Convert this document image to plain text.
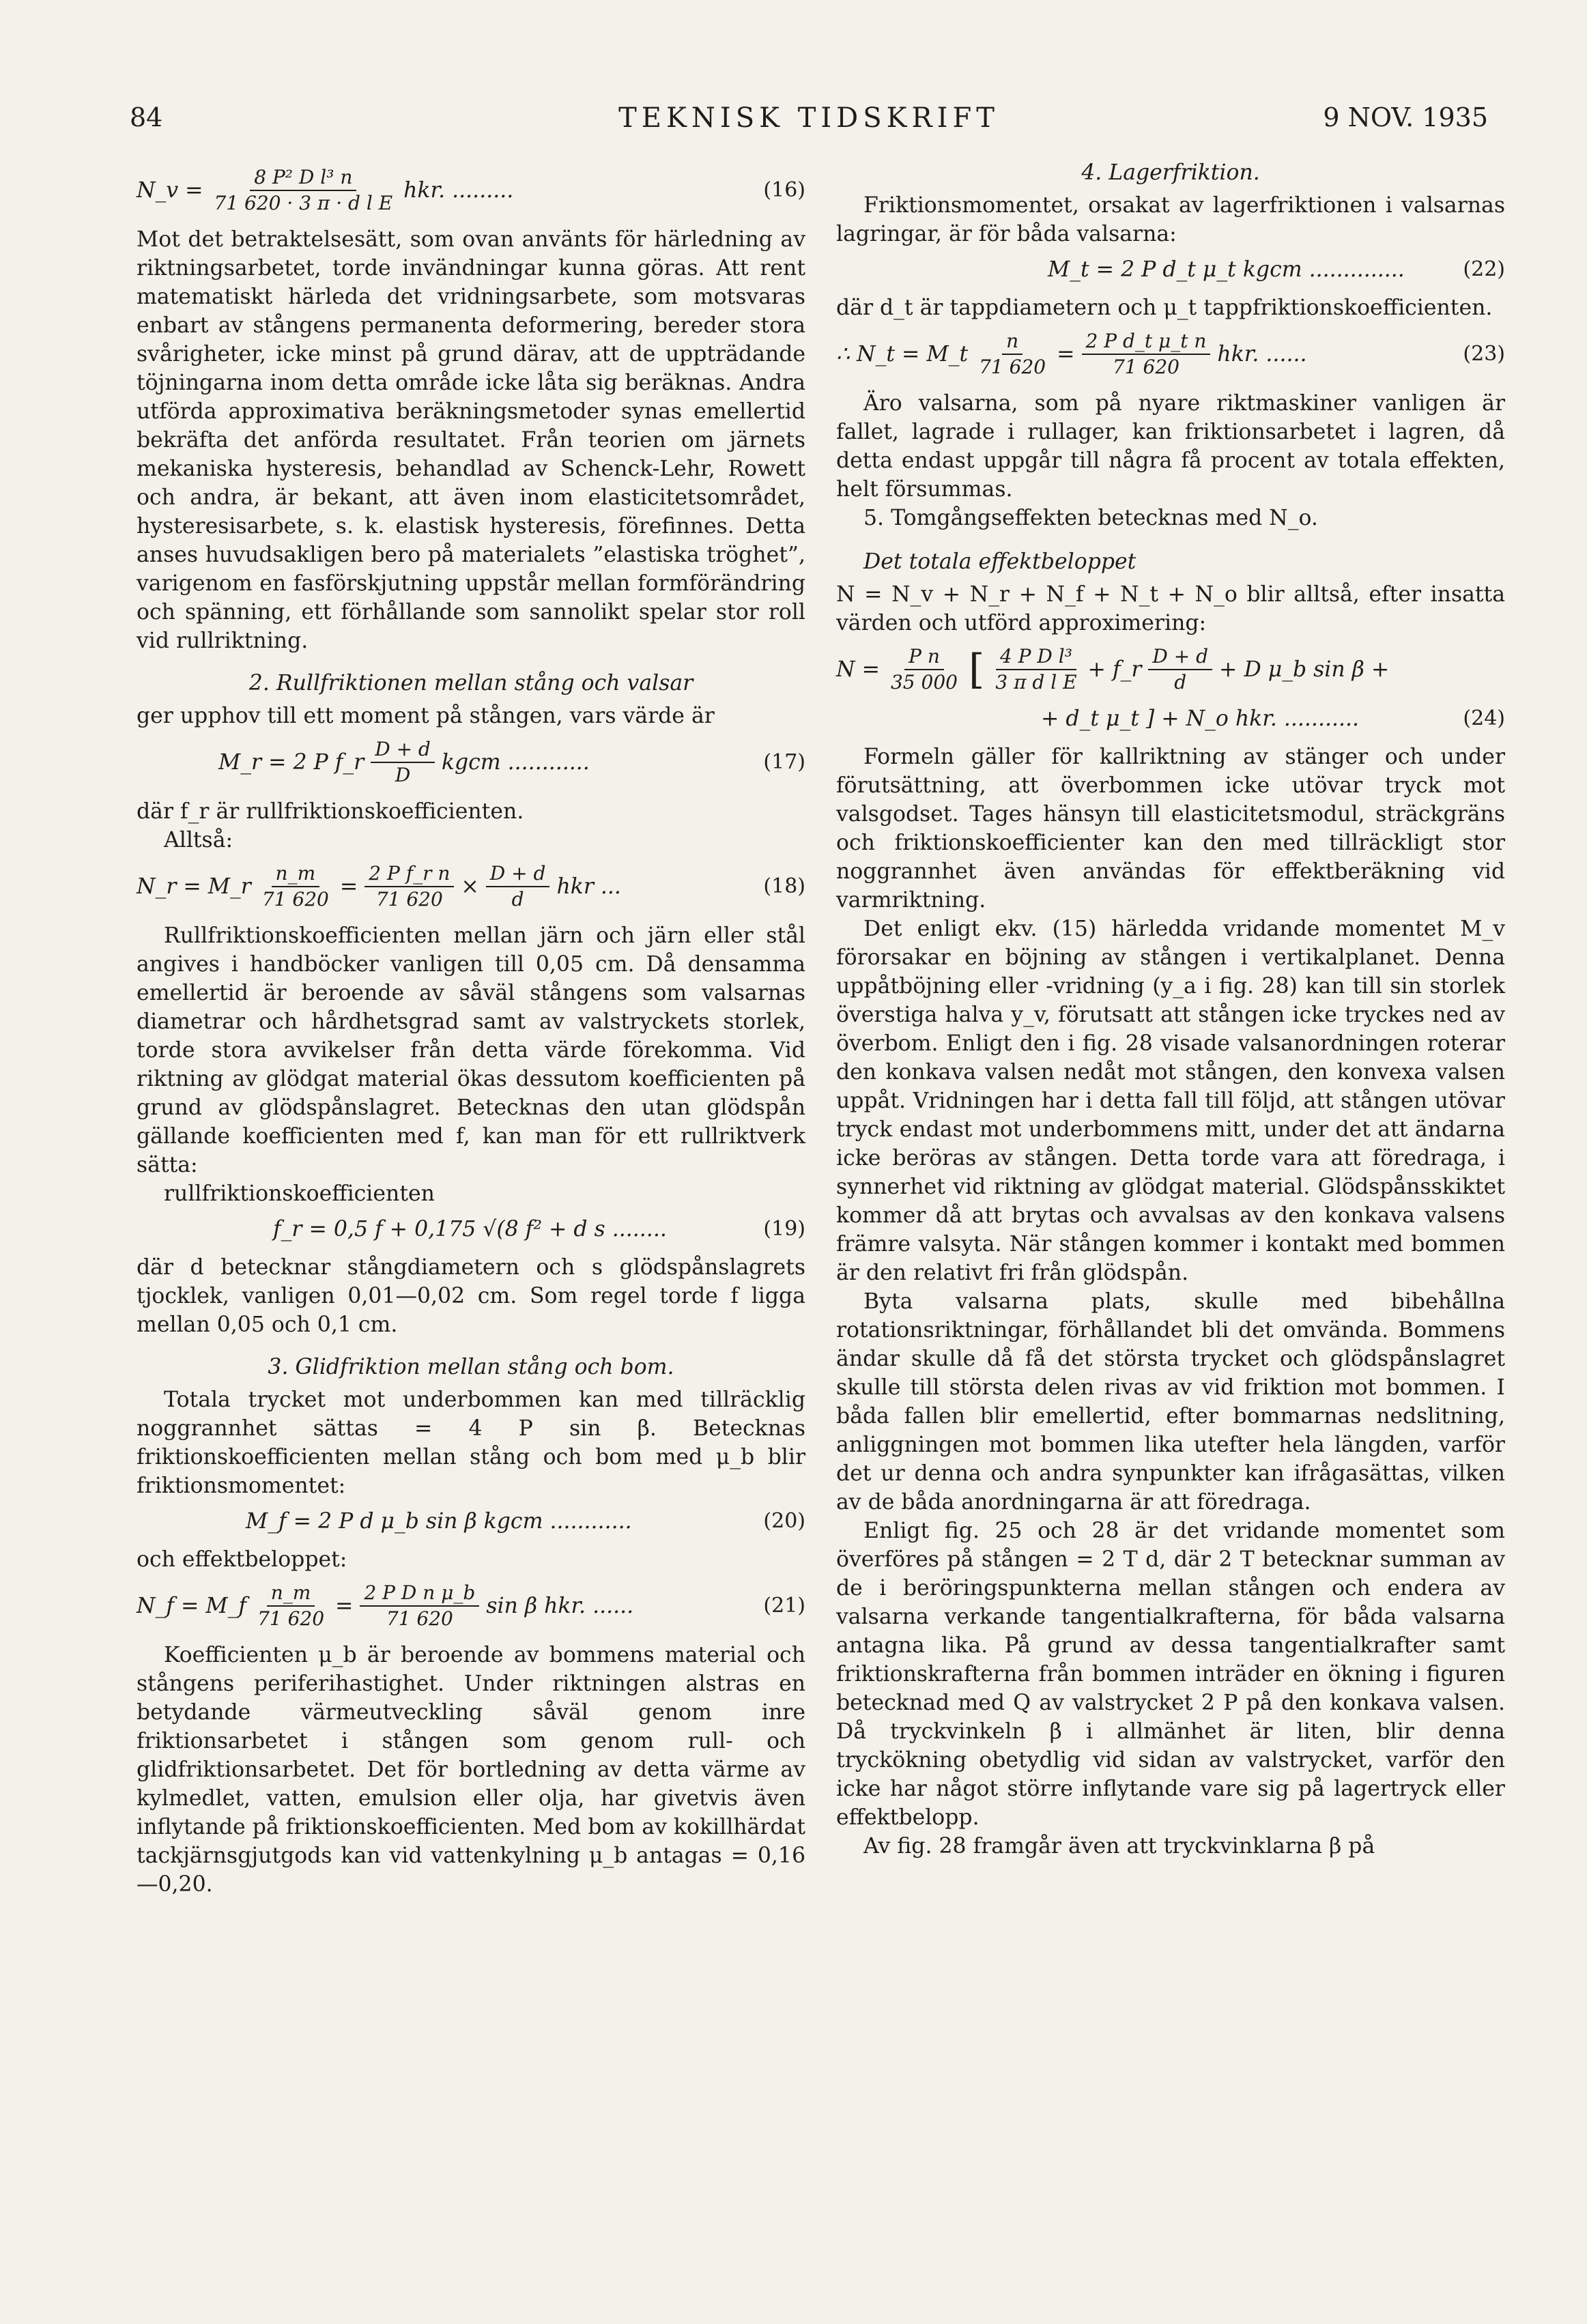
84	TEKNISK TIDSKRIFT	9 NOV. 1935
N_v = $\frac{\text{8 P² D l³ n}}{\text{71 620 · 3 π · d l E}}$ hkr. .........	(16)

Mot det betraktelsesätt, som ovan använts för härledning av riktningsarbetet, torde invändningar kunna göras. Att rent matematiskt härleda det vridningsarbete, som motsvaras enbart av stångens permanenta deformering, bereder stora svårigheter, icke minst på grund därav, att de uppträdande töjningarna inom detta område icke låta sig beräknas. Andra utförda approximativa beräkningsmetoder synas emellertid bekräfta det anförda resultatet. Från teorien om järnets mekaniska hysteresis, behandlad av Schenck-Lehr, Rowett och andra, är bekant, att även inom elasticitetsområdet, hysteresisarbete, s. k. elastisk hysteresis, förefinnes. Detta anses huvudsakligen bero på materialets ”elastiska tröghet”, varigenom en fasförskjutning uppstår mellan formförändring och spänning, ett förhållande som sannolikt spelar stor roll vid rullriktning.

2. Rullfriktionen mellan stång och valsar

ger upphov till ett moment på stången, vars värde är

M_r = 2 P f_r $\frac{D + d}{D}$ kgcm ............	(17)

där f_r är rullfriktionskoefficienten.

Alltså:

N_r = M_r $\frac{n\_m}{71 620} = \frac{\text{2 P f\_r n}}{71 620} \times \frac{D + d}{d}$ hkr ...	(18)

Rullfriktionskoefficienten mellan järn och järn eller stål angives i handböcker vanligen till 0,05 cm. Då densamma emellertid är beroende av såväl stångens som valsarnas diametrar och hårdhetsgrad samt av valstryckets storlek, torde stora avvikelser från detta värde förekomma. Vid riktning av glödgat material ökas dessutom koefficienten på grund av glödspånslagret. Betecknas den utan glödspån gällande koefficienten med f, kan man för ett rullriktverk sätta:

rullfriktionskoefficienten

f_r = 0,5 f + 0,175 √(8 f² + d s ........	(19)

där d betecknar stångdiametern och s glödspånslagrets tjocklek, vanligen 0,01—0,02 cm. Som regel torde f ligga mellan 0,05 och 0,1 cm.

3. Glidfriktion mellan stång och bom.

Totala trycket mot underbommen kan med tillräcklig noggrannhet sättas = 4 P sin β. Betecknas friktionskoefficienten mellan stång och bom med μ_b blir friktionsmomentet:

M_f = 2 P d μ_b sin β kgcm ............	(20)

och effektbeloppet:

N_f = M_f $\frac{n\_m}{71 620} = \frac{\text{2 P D n μ\_b}}{71 620}$ sin β hkr. ......	(21)

Koefficienten μ_b är beroende av bommens material och stångens periferihastighet. Under riktningen alstras en betydande värmeutveckling såväl genom inre friktionsarbetet i stången som genom rull- och glidfriktionsarbetet. Det för bortledning av detta värme av kylmedlet, vatten, emulsion eller olja, har givetvis även inflytande på friktionskoefficienten. Med bom av kokillhärdat tackjärnsgjutgods kan vid vattenkylning μ_b antagas = 0,16—0,20.

4. Lagerfriktion.

Friktionsmomentet, orsakat av lagerfriktionen i valsarnas lagringar, är för båda valsarna:

M_t = 2 P d_t μ_t kgcm ..............	(22)

där d_t är tappdiametern och μ_t tappfriktionskoefficienten.

∴ N_t = M_t $\frac{n}{71 620} = \frac{\text{2 P d\_t μ\_t n}}{71 620}$ hkr. ......	(23)

Äro valsarna, som på nyare riktmaskiner vanligen är fallet, lagrade i rullager, kan friktionsarbetet i lagren, då detta endast uppgår till några få procent av totala effekten, helt försummas.

5. Tomgångseffekten betecknas med N_o.

Det totala effektbeloppet

N = N_v + N_r + N_f + N_t + N_o blir alltså, efter insatta värden och utförd approximering:

$N = \frac{\text{P n}}{35 000}$ [ $\frac{\text{4 P D l³}}{\text{3 π d l E}}$ + f_r $\frac{D + d}{d} + D$ μ_b sin β +
+ d_t μ_t ] + N_o hkr. ...........	(24)

Formeln gäller för kallriktning av stänger och under förutsättning, att överbommen icke utövar tryck mot valsgodset. Tages hänsyn till elasticitetsmodul, sträckgräns och friktionskoefficienter kan den med tillräckligt stor noggrannhet även användas för effektberäkning vid varmriktning.

Det enligt ekv. (15) härledda vridande momentet M_v förorsakar en böjning av stången i vertikalplanet. Denna uppåtböjning eller -vridning (y_a i fig. 28) kan till sin storlek överstiga halva y_v, förutsatt att stången icke tryckes ned av överbom. Enligt den i fig. 28 visade valsanordningen roterar den konkava valsen nedåt mot stången, den konvexa valsen uppåt. Vridningen har i detta fall till följd, att stången utövar tryck endast mot underbommens mitt, under det att ändarna icke beröras av stången. Detta torde vara att föredraga, i synnerhet vid riktning av glödgat material. Glödspånsskiktet kommer då att brytas och avvalsas av den konkava valsens främre valsyta. När stången kommer i kontakt med bommen är den relativt fri från glödspån.

Byta valsarna plats, skulle med bibehållna rotationsriktningar, förhållandet bli det omvända. Bommens ändar skulle då få det största trycket och glödspånslagret skulle till största delen rivas av vid friktion mot bommen. I båda fallen blir emellertid, efter bommarnas nedslitning, anliggningen mot bommen lika utefter hela längden, varför det ur denna och andra synpunkter kan ifrågasättas, vilken av de båda anordningarna är att föredraga.

Enligt fig. 25 och 28 är det vridande momentet som överföres på stången = 2 T d, där 2 T betecknar summan av de i beröringspunkterna mellan stången och endera av valsarna verkande tangentialkrafterna, för båda valsarna antagna lika. På grund av dessa tangentialkrafter samt friktionskrafterna från bommen inträder en ökning i figuren betecknad med Q av valstrycket 2 P på den konkava valsen. Då tryckvinkeln β i allmänhet är liten, blir denna tryckökning obetydlig vid sidan av valstrycket, varför den icke har något större inflytande vare sig på lagertryck eller effektbelopp.

Av fig. 28 framgår även att tryckvinklarna β på
